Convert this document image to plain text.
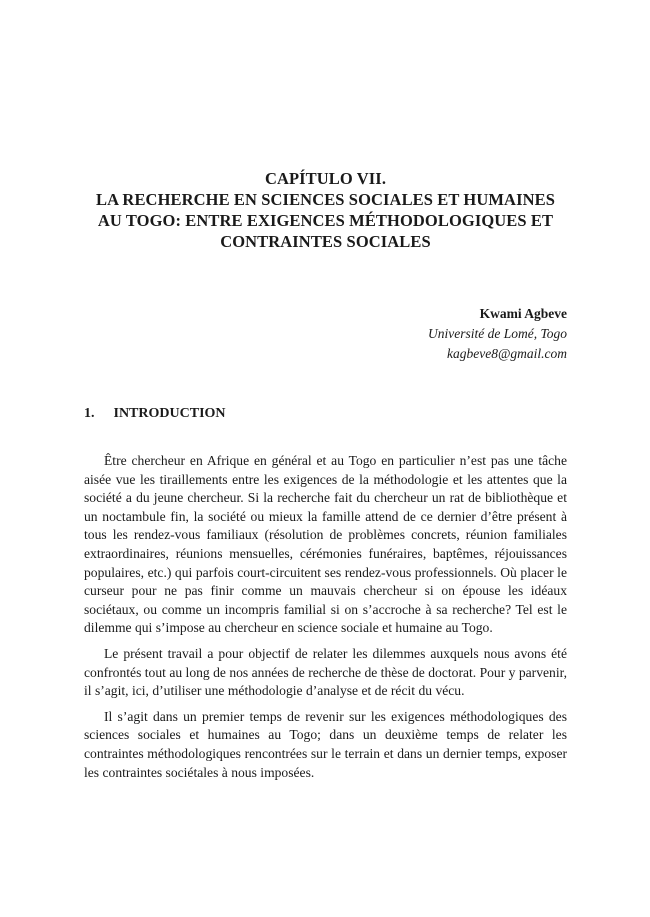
CAPÍTULO VII.
LA RECHERCHE EN SCIENCES SOCIALES ET HUMAINES
AU TOGO: ENTRE EXIGENCES MÉTHODOLOGIQUES ET
CONTRAINTES SOCIALES
Kwami Agbeve
Université de Lomé, Togo
kagbeve8@gmail.com
1. INTRODUCTION

Être chercheur en Afrique en général et au Togo en particulier n’est pas une tâche aisée vue les tiraillements entre les exigences de la méthodologie et les attentes que la société a du jeune chercheur. Si la recherche fait du chercheur un rat de bibliothèque et un noctambule fin, la société ou mieux la famille attend de ce dernier d’être présent à tous les rendez-vous familiaux (résolution de problèmes concrets, réunion familiales extraordinaires, réunions mensuelles, cérémonies funéraires, baptêmes, réjouissances populaires, etc.) qui parfois court-circuitent ses rendez-vous professionnels. Où placer le curseur pour ne pas finir comme un mauvais chercheur si on épouse les idéaux sociétaux, ou comme un incompris familial si on s’accroche à sa recherche? Tel est le dilemme qui s’impose au chercheur en science sociale et humaine au Togo.

Le présent travail a pour objectif de relater les dilemmes auxquels nous avons été confrontés tout au long de nos années de recherche de thèse de doctorat. Pour y parvenir, il s’agit, ici, d’utiliser une méthodologie d’analyse et de récit du vécu.

Il s’agit dans un premier temps de revenir sur les exigences méthodologiques des sciences sociales et humaines au Togo; dans un deuxième temps de relater les contraintes méthodologiques rencontrées sur le terrain et dans un dernier temps, exposer les contraintes sociétales à nous imposées.
